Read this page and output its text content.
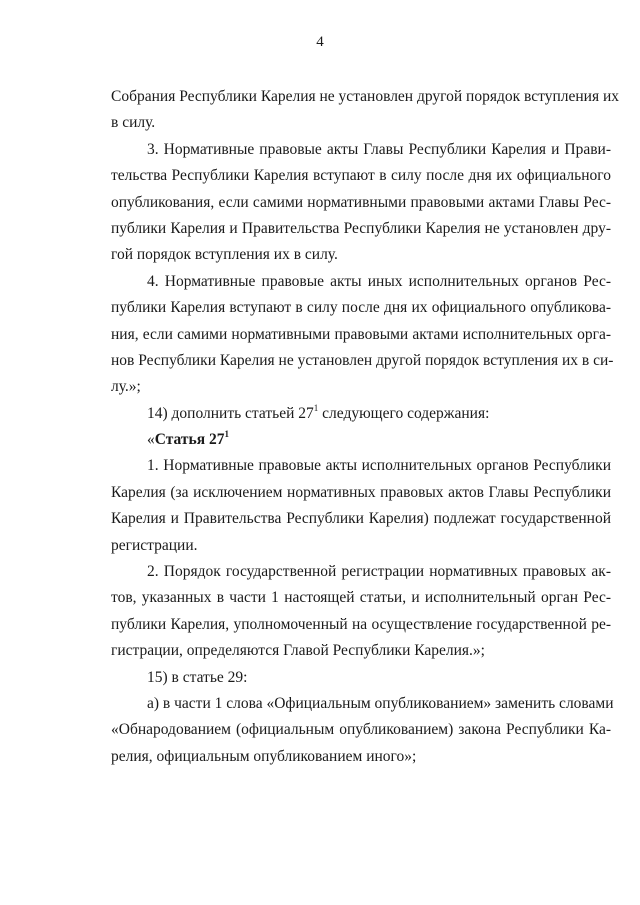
4
Собрания Республики Карелия не установлен другой порядок вступления их
в силу.
3. Нормативные правовые акты Главы Республики Карелия и Прави-
тельства Республики Карелия вступают в силу после дня их официального
опубликования, если самими нормативными правовыми актами Главы Рес-
публики Карелия и Правительства Республики Карелия не установлен дру-
гой порядок вступления их в силу.
4. Нормативные правовые акты иных исполнительных органов Рес-
публики Карелия вступают в силу после дня их официального опубликова-
ния, если самими нормативными правовыми актами исполнительных орга-
нов Республики Карелия не установлен другой порядок вступления их в си-
лу.»;
14) дополнить статьей $27^1$ следующего содержания:
«Статья $27^1$
1. Нормативные правовые акты исполнительных органов Республики
Карелия (за исключением нормативных правовых актов Главы Республики
Карелия и Правительства Республики Карелия) подлежат государственной
регистрации.
2. Порядок государственной регистрации нормативных правовых ак-
тов, указанных в части 1 настоящей статьи, и исполнительный орган Рес-
публики Карелия, уполномоченный на осуществление государственной ре-
гистрации, определяются Главой Республики Карелия.»;
15) в статье 29:
а) в части 1 слова «Официальным опубликованием» заменить словами
«Обнародованием (официальным опубликованием) закона Республики Ка-
релия, официальным опубликованием иного»;
